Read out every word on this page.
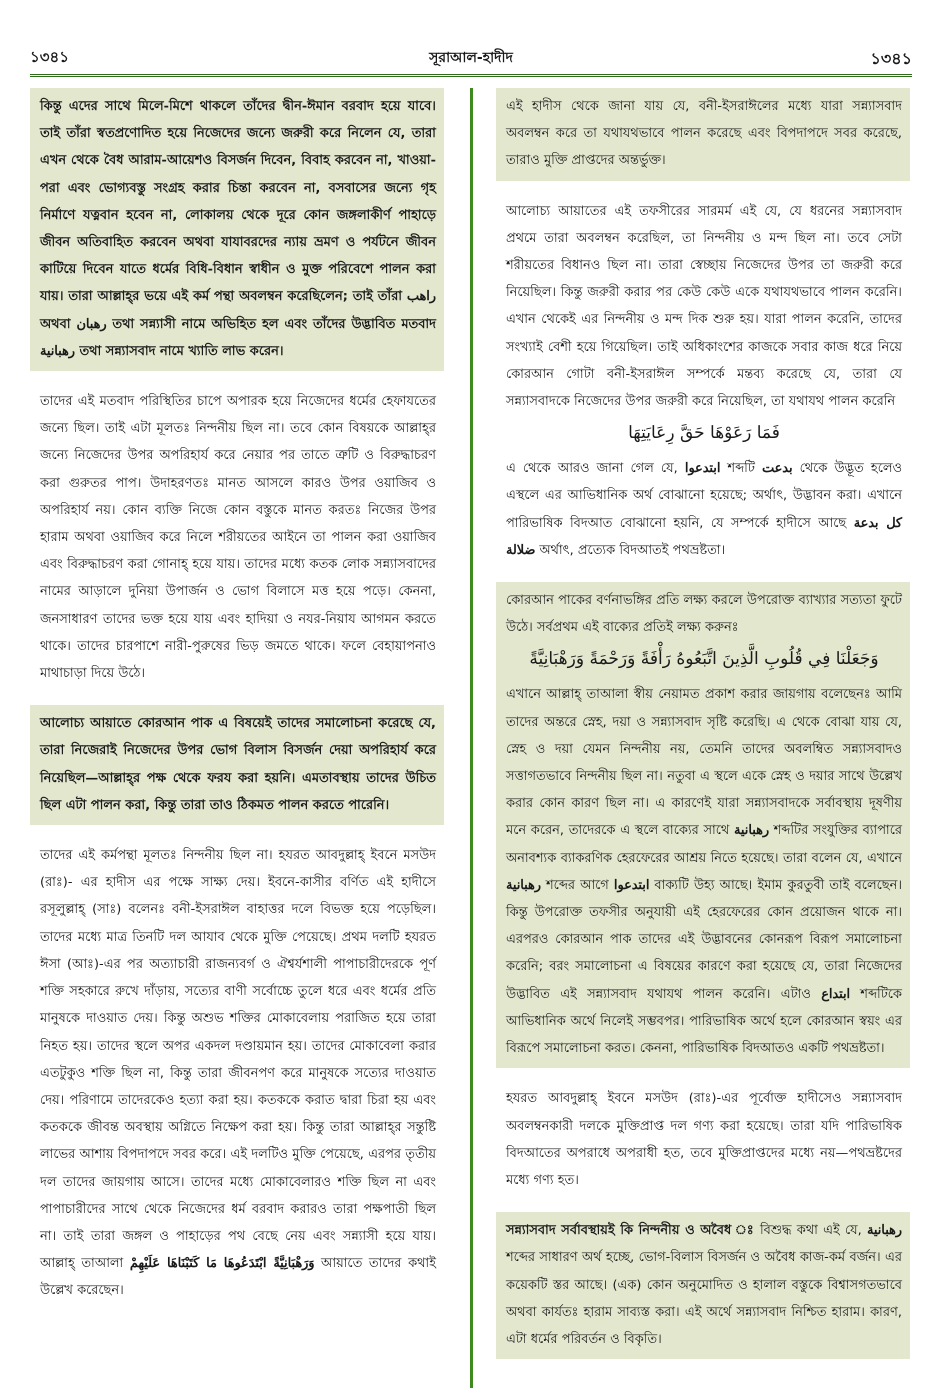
১৩৪১	সূরাআল-হাদীদ	১৩৪১
কিন্তু এদের সাথে মিলে-মিশে থাকলে তাঁদের দ্বীন-ঈমান বরবাদ হয়ে যাবে। তাই তাঁরা স্বতপ্রণোদিত হয়ে নিজেদের জন্যে জরুরী করে নিলেন যে, তারা এখন থেকে বৈধ আরাম-আয়েশও বিসর্জন দিবেন, বিবাহ করবেন না, খাওয়া-পরা এবং ভোগ্যবস্তু সংগ্রহ করার চিন্তা করবেন না, বসবাসের জন্যে গৃহ নির্মাণে যত্নবান হবেন না, লোকালয় থেকে দূরে কোন জঙ্গলাকীর্ণ পাহাড়ে জীবন অতিবাহিত করবেন অথবা যাযাবরদের ন্যায় ভ্রমণ ও পর্যটনে জীবন কাটিয়ে দিবেন যাতে ধর্মের বিধি-বিধান স্বাধীন ও মুক্ত পরিবেশে পালন করা যায়। তারা আল্লাহ্‌র ভয়ে এই কর্ম পন্থা অবলম্বন করেছিলেন; তাই তাঁরা راهب অথবা رهبان তথা সন্ন্যাসী নামে অভিহিত হল এবং তাঁদের উদ্ভাবিত মতবাদ رهبانية তথা সন্ন্যাসবাদ নামে খ্যাতি লাভ করেন।
তাদের এই মতবাদ পরিস্থিতির চাপে অপারক হয়ে নিজেদের ধর্মের হেফাযতের জন্যে ছিল। তাই এটা মূলতঃ নিন্দনীয় ছিল না। তবে কোন বিষয়কে আল্লাহ্‌র জন্যে নিজেদের উপর অপরিহার্য করে নেয়ার পর তাতে ত্রুটি ও বিরুদ্ধাচরণ করা গুরুতর পাপ। উদাহরণতঃ মানত আসলে কারও উপর ওয়াজিব ও অপরিহার্য নয়। কোন ব্যক্তি নিজে কোন বস্তুকে মানত করতঃ নিজের উপর হারাম অথবা ওয়াজিব করে নিলে শরীয়তের আইনে তা পালন করা ওয়াজিব এবং বিরুদ্ধাচরণ করা গোনাহ্ হয়ে যায়। তাদের মধ্যে কতক লোক সন্ন্যাসবাদের নামের আড়ালে দুনিয়া উপার্জন ও ভোগ বিলাসে মত্ত হয়ে পড়ে। কেননা, জনসাধারণ তাদের ভক্ত হয়ে যায় এবং হাদিয়া ও নযর-নিয়ায আগমন করতে থাকে। তাদের চারপাশে নারী-পুরুষের ভিড় জমতে থাকে। ফলে বেহায়াপনাও মাথাচাড়া দিয়ে উঠে।
আলোচ্য আয়াতে কোরআন পাক এ বিষয়েই তাদের সমালোচনা করেছে যে, তারা নিজেরাই নিজেদের উপর ভোগ বিলাস বিসর্জন দেয়া অপরিহার্য করে নিয়েছিল—আল্লাহ্‌র পক্ষ থেকে ফরয করা হয়নি। এমতাবস্থায় তাদের উচিত ছিল এটা পালন করা, কিন্তু তারা তাও ঠিকমত পালন করতে পারেনি।
তাদের এই কর্মপন্থা মূলতঃ নিন্দনীয় ছিল না। হযরত আবদুল্লাহ্ ইবনে মসউদ (রাঃ)- এর হাদীস এর পক্ষে সাক্ষ্য দেয়। ইবনে-কাসীর বর্ণিত এই হাদীসে রসূলুল্লাহ্ (সাঃ) বলেনঃ বনী-ইসরাঈল বাহাত্তর দলে বিভক্ত হয়ে পড়েছিল। তাদের মধ্যে মাত্র তিনটি দল আযাব থেকে মুক্তি পেয়েছে। প্রথম দলটি হযরত ঈসা (আঃ)-এর পর অত্যাচারী রাজন্যবর্গ ও ঐশ্বর্যশালী পাপাচারীদেরকে পূর্ণ শক্তি সহকারে রুখে দাঁড়ায়, সত্যের বাণী সর্বোচ্চে তুলে ধরে এবং ধর্মের প্রতি মানুষকে দাওয়াত দেয়। কিন্তু অশুভ শক্তির মোকাবেলায় পরাজিত হয়ে তারা নিহত হয়। তাদের স্থলে অপর একদল দণ্ডায়মান হয়। তাদের মোকাবেলা করার এতটুকুও শক্তি ছিল না, কিন্তু তারা জীবনপণ করে মানুষকে সত্যের দাওয়াত দেয়। পরিণামে তাদেরকেও হত্যা করা হয়। কতককে করাত দ্বারা চিরা হয় এবং কতককে জীবন্ত অবস্থায় অগ্নিতে নিক্ষেপ করা হয়। কিন্তু তারা আল্লাহ্‌র সন্তুষ্টি লাভের আশায় বিপদাপদে সবর করে। এই দলটিও মুক্তি পেয়েছে, এরপর তৃতীয় দল তাদের জায়গায় আসে। তাদের মধ্যে মোকাবেলারও শক্তি ছিল না এবং পাপাচারীদের সাথে থেকে নিজেদের ধর্ম বরবাদ করারও তারা পক্ষপাতী ছিল না। তাই তারা জঙ্গল ও পাহাড়ের পথ বেছে নেয় এবং সন্ন্যাসী হয়ে যায়। আল্লাহ্ তাআলা وَرَهْبَانِيَّةً ابْتَدَعُوهَا مَا كَتَبْنَاهَا عَلَيْهِمْ আয়াতে তাদের কথাই উল্লেখ করেছেন।
এই হাদীস থেকে জানা যায় যে, বনী-ইসরাঈলের মধ্যে যারা সন্ন্যাসবাদ অবলম্বন করে তা যথাযথভাবে পালন করেছে এবং বিপদাপদে সবর করেছে, তারাও মুক্তি প্রাপ্তদের অন্তর্ভুক্ত।
আলোচ্য আয়াতের এই তফসীরের সারমর্ম এই যে, যে ধরনের সন্ন্যাসবাদ প্রথমে তারা অবলম্বন করেছিল, তা নিন্দনীয় ও মন্দ ছিল না। তবে সেটা শরীয়তের বিধানও ছিল না। তারা স্বেচ্ছায় নিজেদের উপর তা জরুরী করে নিয়েছিল। কিন্তু জরুরী করার পর কেউ কেউ একে যথাযথভাবে পালন করেনি। এখান থেকেই এর নিন্দনীয় ও মন্দ দিক শুরু হয়। যারা পালন করেনি, তাদের সংখ্যাই বেশী হয়ে গিয়েছিল। তাই অধিকাংশের কাজকে সবার কাজ ধরে নিয়ে কোরআন গোটা বনী-ইসরাঈল সম্পর্কে মন্তব্য করেছে যে, তারা যে সন্ন্যাসবাদকে নিজেদের উপর জরুরী করে নিয়েছিল, তা যথাযথ পালন করেনি
فَمَا رَعَوْهَا حَقَّ رِعَايَتِهَا
এ থেকে আরও জানা গেল যে, ابتدعوا শব্দটি بدعت থেকে উদ্ভূত হলেও এস্থলে এর আভিধানিক অর্থ বোঝানো হয়েছে; অর্থাৎ, উদ্ভাবন করা। এখানে পারিভাষিক বিদআত বোঝানো হয়নি, যে সম্পর্কে হাদীসে আছে كل بدعة ضلالة অর্থাৎ, প্রত্যেক বিদআতই পথভ্রষ্টতা।
কোরআন পাকের বর্ণনাভঙ্গির প্রতি লক্ষ্য করলে উপরোক্ত ব্যাখ্যার সত্যতা ফুটে উঠে। সর্বপ্রথম এই বাক্যের প্রতিই লক্ষ্য করুনঃ
وَجَعَلْنَا فِي قُلُوبِ الَّذِينَ اتَّبَعُوهُ رَأْفَةً وَرَحْمَةً وَرَهْبَانِيَّةً
এখানে আল্লাহ্ তাআলা স্বীয় নেয়ামত প্রকাশ করার জায়গায় বলেছেনঃ আমি তাদের অন্তরে স্নেহ, দয়া ও সন্ন্যাসবাদ সৃষ্টি করেছি। এ থেকে বোঝা যায় যে, স্নেহ ও দয়া যেমন নিন্দনীয় নয়, তেমনি তাদের অবলম্বিত সন্ন্যাসবাদও সত্তাগতভাবে নিন্দনীয় ছিল না। নতুবা এ স্থলে একে স্নেহ ও দয়ার সাথে উল্লেখ করার কোন কারণ ছিল না। এ কারণেই যারা সন্ন্যাসবাদকে সর্বাবস্থায় দূষণীয় মনে করেন, তাদেরকে এ স্থলে বাক্যের সাথে رهبانية শব্দটির সংযুক্তির ব্যাপারে অনাবশ্যক ব্যাকরণিক হেরফেরের আশ্রয় নিতে হয়েছে। তারা বলেন যে, এখানে رهبانية শব্দের আগে ابتدعوا বাক্যটি উহ্য আছে। ইমাম কুরতুবী তাই বলেছেন। কিন্তু উপরোক্ত তফসীর অনুযায়ী এই হেরফেরের কোন প্রয়োজন থাকে না। এরপরও কোরআন পাক তাদের এই উদ্ভাবনের কোনরূপ বিরূপ সমালোচনা করেনি; বরং সমালোচনা এ বিষয়ের কারণে করা হয়েছে যে, তারা নিজেদের উদ্ভাবিত এই সন্ন্যাসবাদ যথাযথ পালন করেনি। এটাও ابتداع শব্দটিকে আভিধানিক অর্থে নিলেই সম্ভবপর। পারিভাষিক অর্থে হলে কোরআন স্বয়ং এর বিরূপে সমালোচনা করত। কেননা, পারিভাষিক বিদআতও একটি পথভ্রষ্টতা।
হযরত আবদুল্লাহ্ ইবনে মসউদ (রাঃ)-এর পূর্বোক্ত হাদীসেও সন্ন্যাসবাদ অবলম্বনকারী দলকে মুক্তিপ্রাপ্ত দল গণ্য করা হয়েছে। তারা যদি পারিভাষিক বিদআতের অপরাধে অপরাধী হত, তবে মুক্তিপ্রাপ্তদের মধ্যে নয়—পথভ্রষ্টদের মধ্যে গণ্য হত।
সন্ন্যাসবাদ সর্বাবস্থায়ই কি নিন্দনীয় ও অবৈধ ঃ বিশুদ্ধ কথা এই যে, رهبانية শব্দের সাধারণ অর্থ হচ্ছে, ভোগ-বিলাস বিসর্জন ও অবৈধ কাজ-কর্ম বর্জন। এর কয়েকটি স্তর আছে। (এক) কোন অনুমোদিত ও হালাল বস্তুকে বিশ্বাসগতভাবে অথবা কার্যতঃ হারাম সাব্যস্ত করা। এই অর্থে সন্ন্যাসবাদ নিশ্চিত হারাম। কারণ, এটা ধর্মের পরিবর্তন ও বিকৃতি।
